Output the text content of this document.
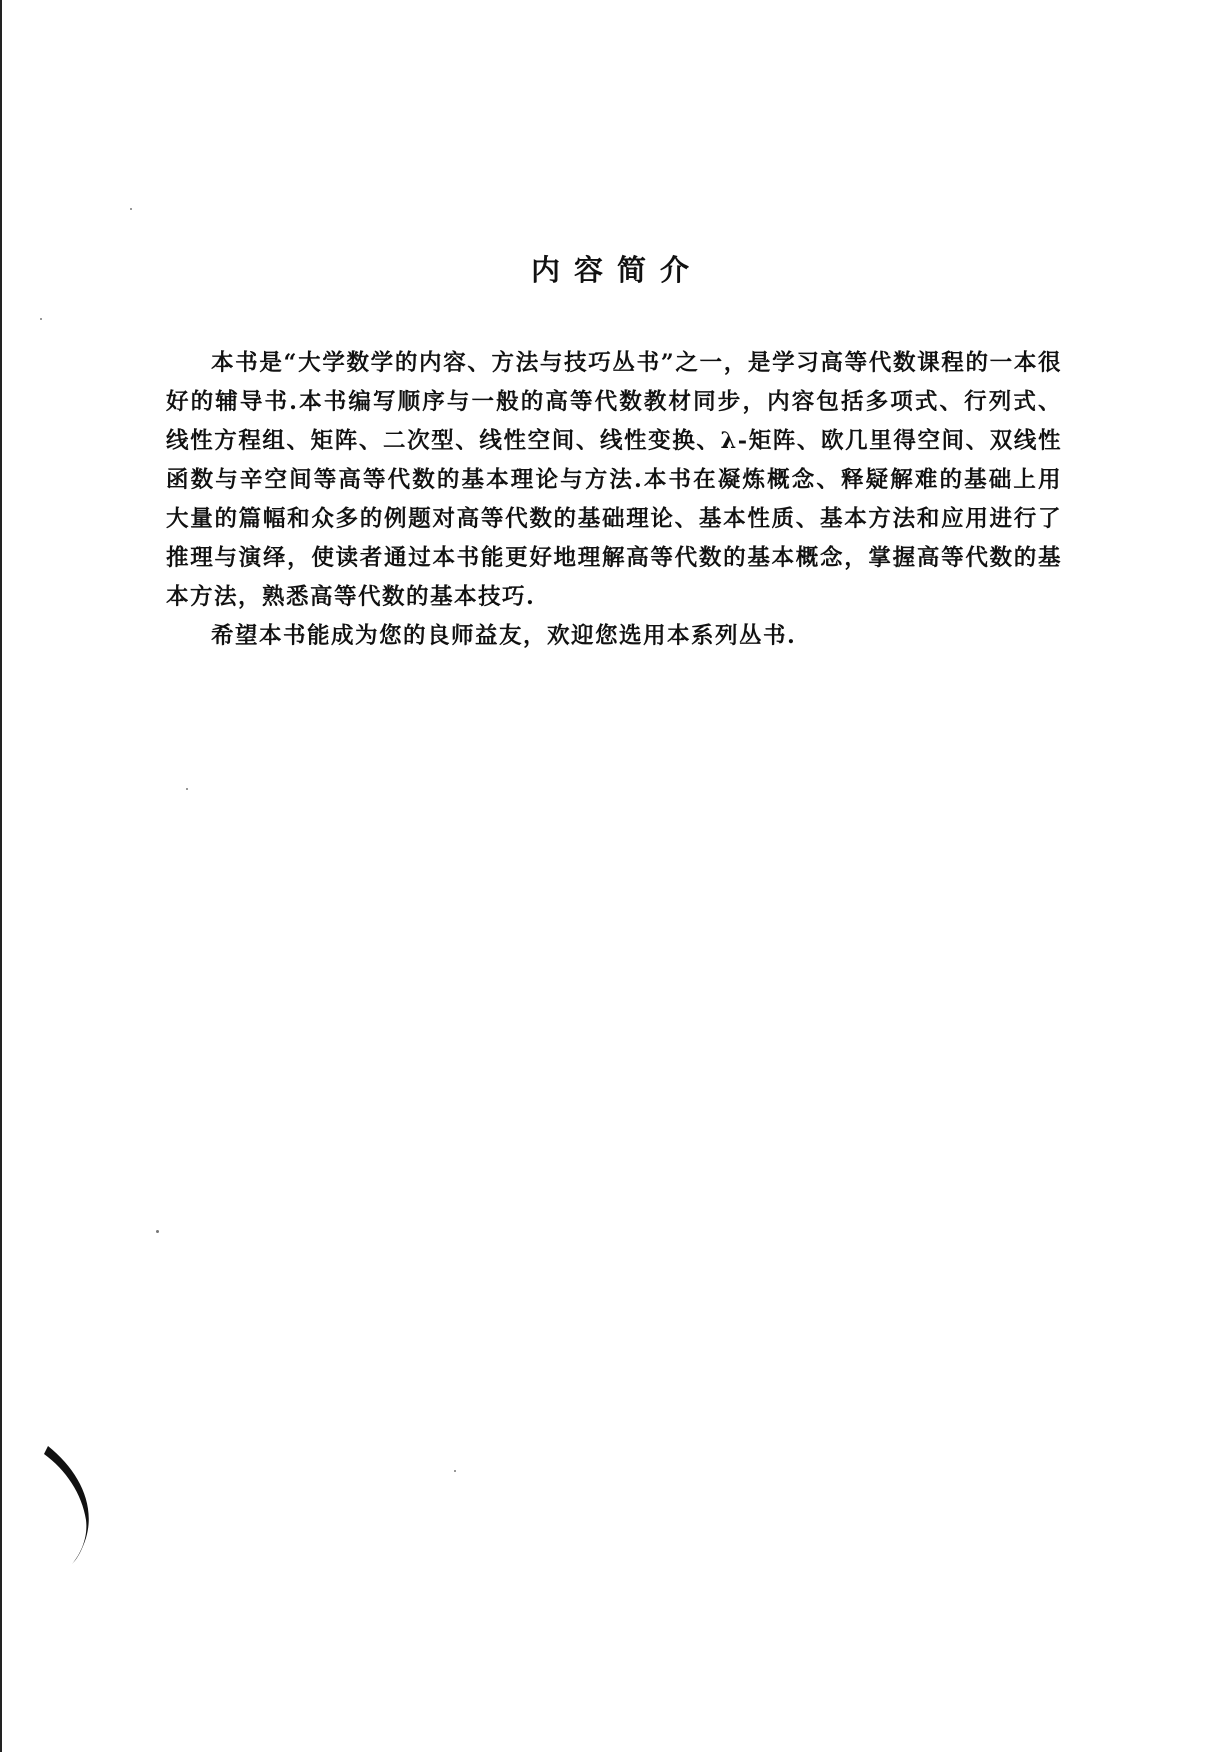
内容简介

本书是“大学数学的内容、方法与技巧丛书”之一，是学习高等代数课程的一本很好的辅导书.本书编写顺序与一般的高等代数教材同步，内容包括多项式、行列式、线性方程组、矩阵、二次型、线性空间、线性变换、λ-矩阵、欧几里得空间、双线性函数与辛空间等高等代数的基本理论与方法.本书在凝炼概念、释疑解难的基础上用大量的篇幅和众多的例题对高等代数的基础理论、基本性质、基本方法和应用进行了推理与演绎，使读者通过本书能更好地理解高等代数的基本概念，掌握高等代数的基本方法，熟悉高等代数的基本技巧.

希望本书能成为您的良师益友，欢迎您选用本系列丛书.
